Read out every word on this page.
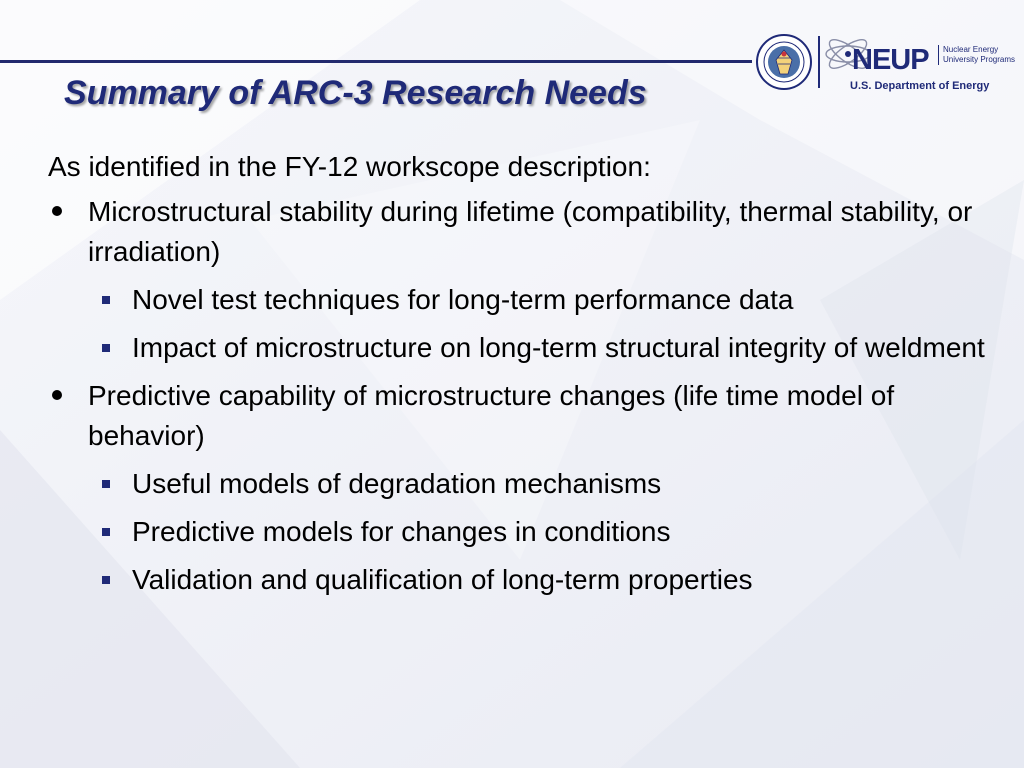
Summary of ARC-3 Research Needs
NEUP Nuclear Energy
University Programs
U.S. Department of Energy

As identified in the FY-12 workscope description:

Microstructural stability during lifetime (compatibility, thermal stability, or irradiation)
Novel test techniques for long-term performance data
Impact of microstructure on long-term structural integrity of weldment
Predictive capability of microstructure changes (life time model of behavior)
Useful models of degradation mechanisms
Predictive models for changes in conditions
Validation and qualification of long-term properties
